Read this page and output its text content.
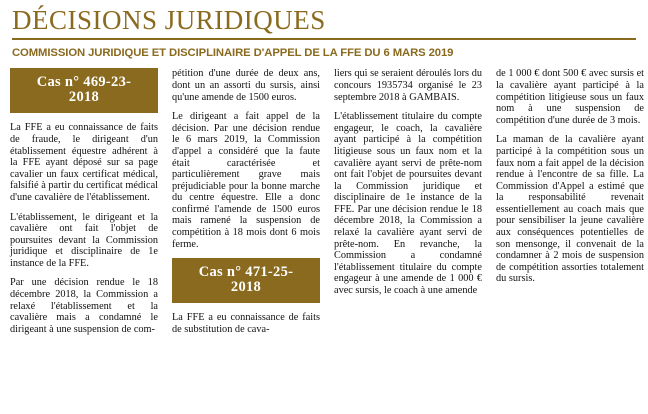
DÉCISIONS JURIDIQUES
COMMISSION JURIDIQUE ET DISCIPLINAIRE D'APPEL DE LA FFE DU 6 MARS 2019
Cas n° 469-23-
2018

La FFE a eu connaissance de faits de fraude, le dirigeant d'un établissement équestre adhérent à la FFE ayant déposé sur sa page cavalier un faux certificat médical, falsifié à partir du certificat médical d'une cavalière de l'établissement.

L'établissement, le dirigeant et la cavalière ont fait l'objet de poursuites devant la Commission juridique et disciplinaire de 1e instance de la FFE.

Par une décision rendue le 18 décembre 2018, la Commission a relaxé l'établissement et la cavalière mais a condamné le dirigeant à une suspension de com-

pétition d'une durée de deux ans, dont un an assorti du sursis, ainsi qu'une amende de 1500 euros.

Le dirigeant a fait appel de la décision. Par une décision rendue le 6 mars 2019, la Commission d'appel a considéré que la faute était caractérisée et particulièrement grave mais préjudiciable pour la bonne marche du centre équestre. Elle a donc confirmé l'amende de 1500 euros mais ramené la suspension de compétition à 18 mois dont 6 mois ferme.

Cas n° 471-25-
2018

La FFE a eu connaissance de faits de substitution de cava-

liers qui se seraient déroulés lors du concours 1935734 organisé le 23 septembre 2018 à GAMBAIS.

L'établissement titulaire du compte engageur, le coach, la cavalière ayant participé à la compétition litigieuse sous un faux nom et la cavalière ayant servi de prête-nom ont fait l'objet de poursuites devant la Commission juridique et disciplinaire de 1e instance de la FFE. Par une décision rendue le 18 décembre 2018, la Commission a relaxé la cavalière ayant servi de prête-nom. En revanche, la Commission a condamné l'établissement titulaire du compte engageur à une amende de 1 000 € avec sursis, le coach à une amende

de 1 000 € dont 500 € avec sursis et la cavalière ayant participé à la compétition litigieuse sous un faux nom à une suspension de compétition d'une durée de 3 mois.

La maman de la cavalière ayant participé à la compétition sous un faux nom a fait appel de la décision rendue à l'encontre de sa fille. La Commission d'Appel a estimé que la responsabilité revenait essentiellement au coach mais que pour sensibiliser la jeune cavalière aux conséquences potentielles de son mensonge, il convenait de la condamner à 2 mois de suspension de compétition assorties totalement du sursis.
